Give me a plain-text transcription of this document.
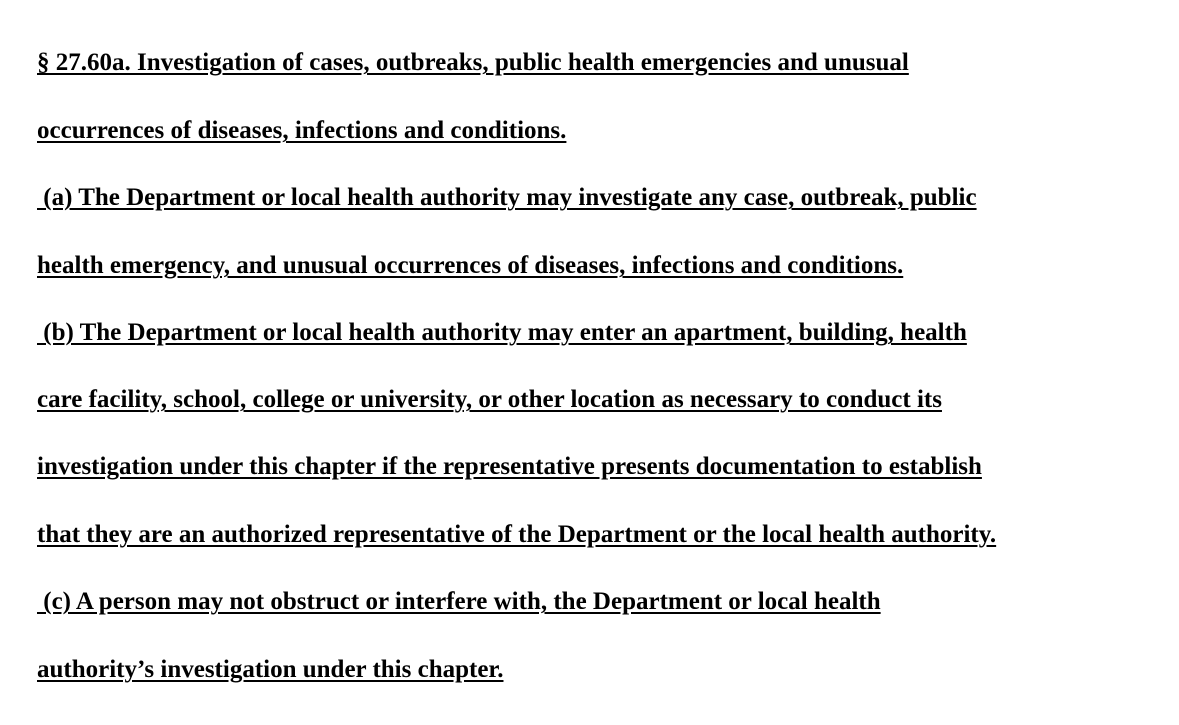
§ 27.60a. Investigation of cases, outbreaks, public health emergencies and unusual
occurrences of diseases, infections and conditions.
(a) The Department or local health authority may investigate any case, outbreak, public
health emergency, and unusual occurrences of diseases, infections and conditions.
(b) The Department or local health authority may enter an apartment, building, health
care facility, school, college or university, or other location as necessary to conduct its
investigation under this chapter if the representative presents documentation to establish
that they are an authorized representative of the Department or the local health authority.
(c) A person may not obstruct or interfere with, the Department or local health
authority’s investigation under this chapter.
